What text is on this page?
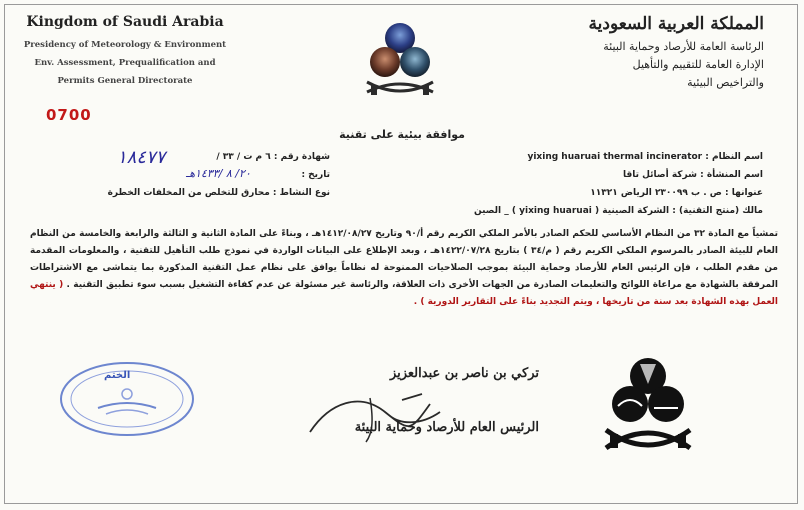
Kingdom of Saudi Arabia
Presidency of Meteorology & Environment
Env. Assessment, Prequalification and
Permits General Directorate
المملكة العربية السعودية
الرئاسة العامة للأرصاد وحماية البيئة
الإدارة العامة للتقييم والتأهيل
والتراخيص البيئية
0700
موافقة بيئية على تقنية
اسم النظام : yixing huaruai thermal incinerator
اسم المنشأة : شركة أصائل تاقا
عنوانها : ص . ب ٢٣٠٠٩٩ الرياض ١١٣٢١
مالك (منتج التقنية) : الشركة الصينية ( yixing huaruai ) _ الصين
شهادة رقم : ٦ م ت / ٣٣ /
١٨٤٧٧
تاريخ :
٢٠/ ٨ /١٤٣٣هـ
نوع النشاط : محارق للتخلص من المخلفات الخطرة
تمشياً مع المادة ٣٢ من النظام الأساسي للحكم الصادر بالأمر الملكي الكريم رقم أ/٩٠ وتاريخ ١٤١٢/٠٨/٢٧هـ ، وبناءً على المادة الثانية و الثالثة والرابعة والخامسة من النظام العام للبيئة الصادر بالمرسوم الملكي الكريم رقم ( م/٣٤ ) بتاريخ ١٤٢٢/٠٧/٢٨هـ ، وبعد الإطلاع على البيانات الواردة في نموذج طلب التأهيل للتقنية ، والمعلومات المقدمة من مقدم الطلب ، فإن الرئيس العام للأرصاد وحماية البيئة بموجب الصلاحيات الممنوحة له نظاماً يوافق على نظام عمل التقنية المذكورة بما يتماشى مع الاشتراطات المرفقة بالشهادة مع مراعاة اللوائح والتعليمات الصادرة من الجهات الأخرى ذات العلاقة، والرئاسة غير مسئولة عن عدم كفاءة التشغيل بسبب سوء تطبيق التقنية . ( ينتهي العمل بهذه الشهادة بعد سنة من تاريخها ، ويتم التجديد بناءً على التقارير الدورية ) .
الختم	تركي بن ناصر بن عبدالعزيز
الرئيس العام للأرصاد وحماية البيئة
